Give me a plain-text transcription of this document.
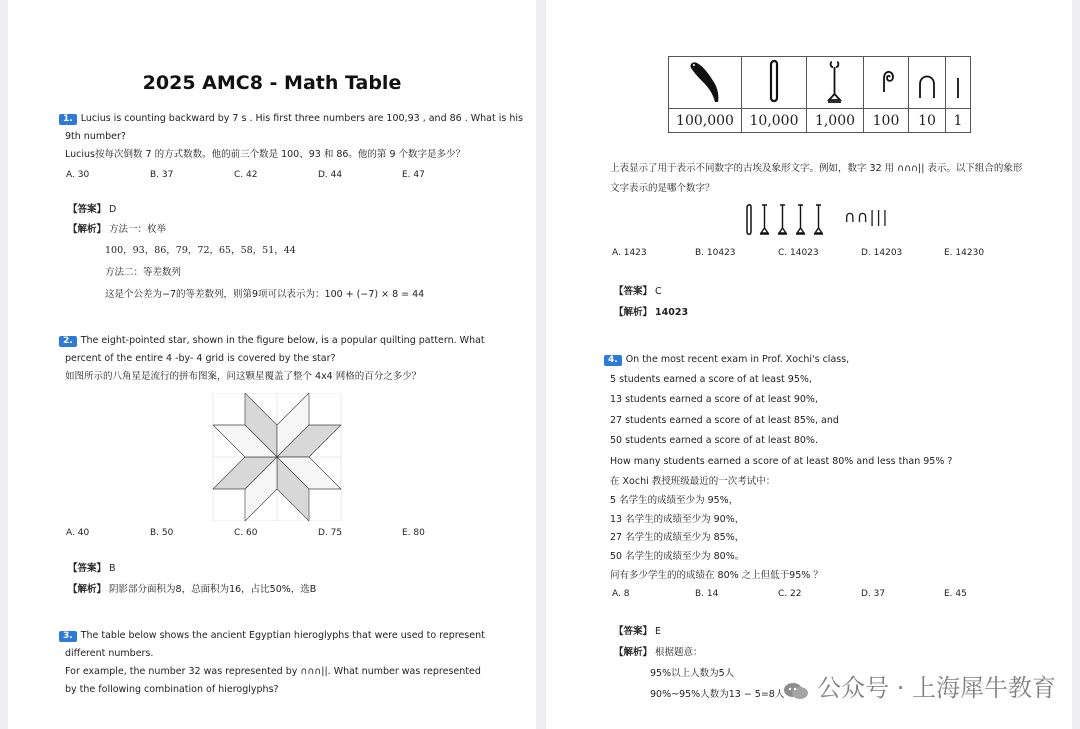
2025 AMC8 - Math Table
1. Lucius is counting backward by 7 s . His first three numbers are 100,93 , and 86 . What is his
9th number?
Lucius按每次倒数 7 的方式数数。他的前三个数是 100、93 和 86。他的第 9 个数字是多少？
A. 30	B. 37	C. 42	D. 44	E. 47
【答案】 D
【解析】 方法一：枚举
100，93，86，79，72，65，58，51，44
方法二：等差数列
这是个公差为−7的等差数列，则第9项可以表示为：100 + (−7) × 8 = 44
2. The eight-pointed star, shown in the figure below, is a popular quilting pattern. What
percent of the entire 4 -by- 4 grid is covered by the star?
如图所示的八角星是流行的拼布图案，问这颗星覆盖了整个 4x4 网格的百分之多少？
A. 40	B. 50	C. 60	D. 75	E. 80
【答案】 B
【解析】 阴影部分面积为8，总面积为16，占比50%，选B
3. The table below shows the ancient Egyptian hieroglyphs that were used to represent
different numbers.
For example, the number 32 was represented by ∩∩∩||. What number was represented
by the following combination of hieroglyphs?

100,000	10,000	1,000	100	10	1
上表显示了用于表示不同数字的古埃及象形文字。例如，数字 32 用 ∩∩∩|| 表示。以下组合的象形
文字表示的是哪个数字？
∩∩|||
A. 1423	B. 10423	C. 14023	D. 14203	E. 14230
【答案】 C
【解析】 14023
4. On the most recent exam in Prof. Xochi's class,
5 students earned a score of at least 95%,
13 students earned a score of at least 90%,
27 students earned a score of at least 85%, and
50 students earned a score of at least 80%.
How many students earned a score of at least 80% and less than 95% ?
在 Xochi 教授班级最近的一次考试中：
5 名学生的成绩至少为 95%，
13 名学生的成绩至少为 90%，
27 名学生的成绩至少为 85%，
50 名学生的成绩至少为 80%。
问有多少学生的的成绩在 80% 之上但低于95% ？
A. 8	B. 14	C. 22	D. 37	E. 45
【答案】 E
【解析】 根据题意：
95%以上人数为5人
90%~95%人数为13 − 5=8人	公众号 · 上海犀牛教育
